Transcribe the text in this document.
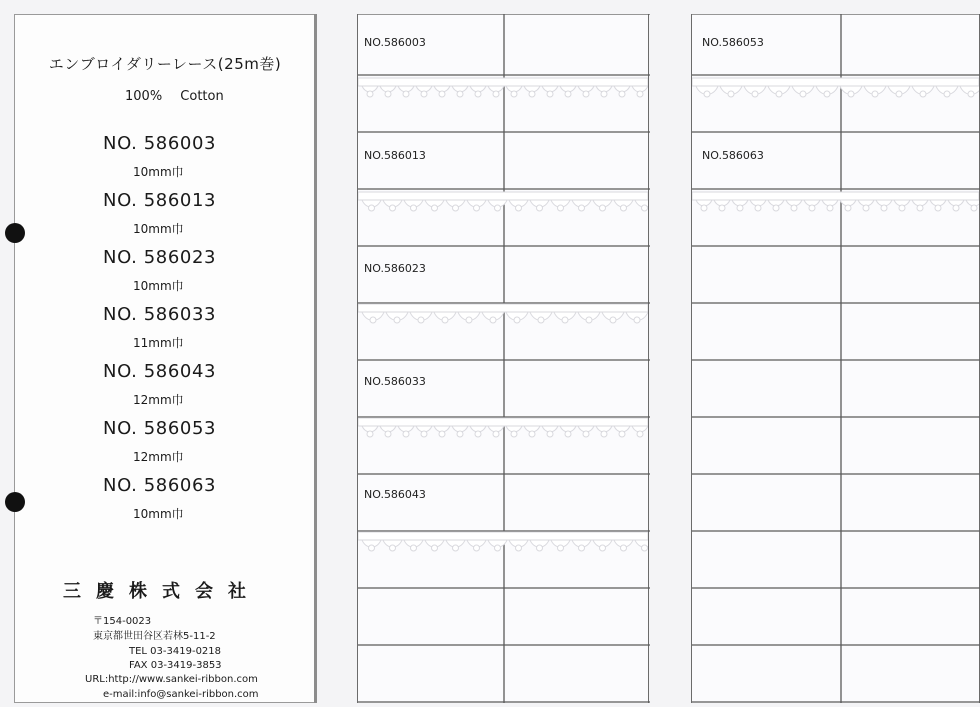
エンブロイダリーレース(25m巻)
100% Cotton
NO. 586003
10mm巾
NO. 586013
10mm巾
NO. 586023
10mm巾
NO. 586033
11mm巾
NO. 586043
12mm巾
NO. 586053
12mm巾
NO. 586063
10mm巾
三慶株式会社
〒154-0023
東京都世田谷区若林5-11-2
TEL 03-3419-0218
FAX 03-3419-3853
URL:http://www.sankei-ribbon.com
e-mail:info@sankei-ribbon.com
NO.586003
NO.586013
NO.586023
NO.586033
NO.586043
NO.586053
NO.586063
